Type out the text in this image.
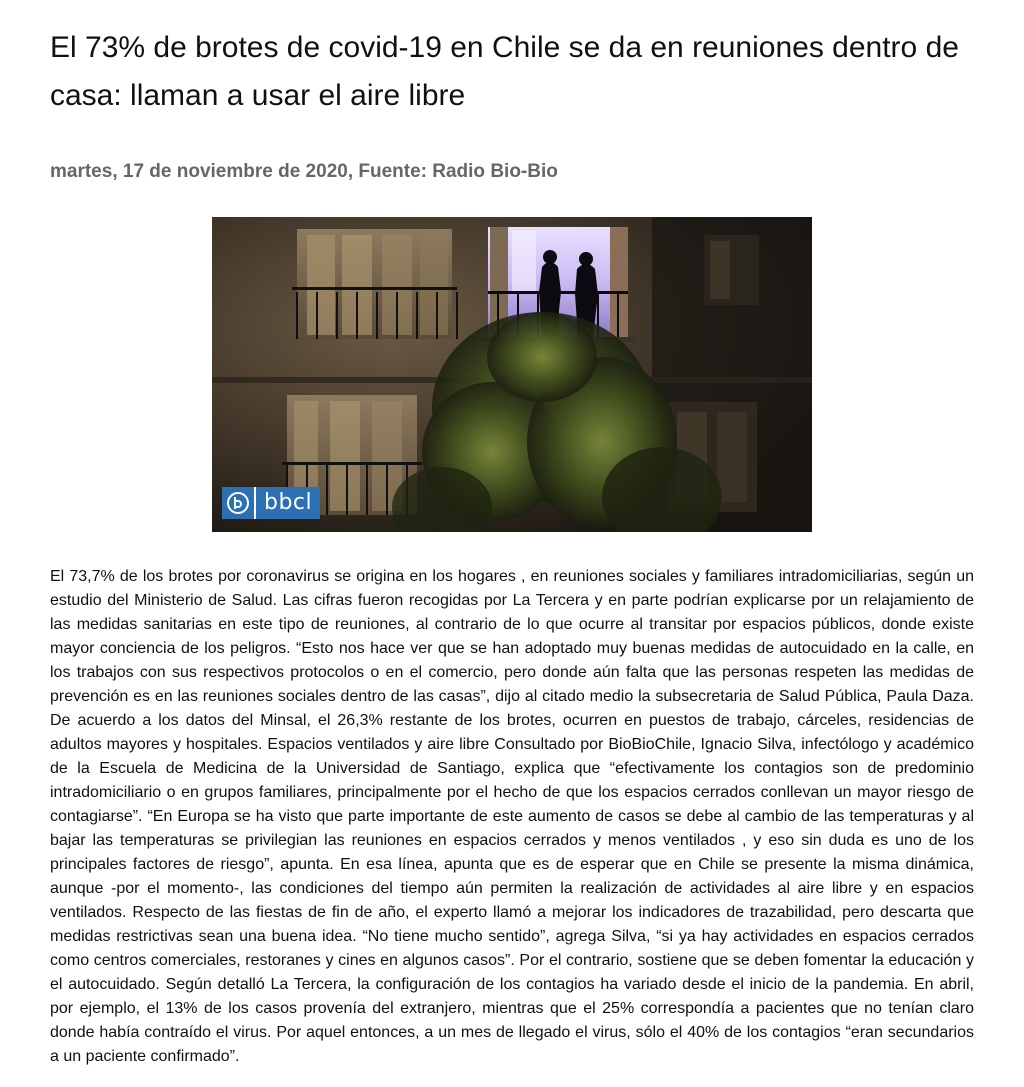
El 73% de brotes de covid-19 en Chile se da en reuniones dentro de casa: llaman a usar el aire libre

martes, 17 de noviembre de 2020, Fuente: Radio Bio-Bio

bbcl

El 73,7% de los brotes por coronavirus se origina en los hogares , en reuniones sociales y familiares intradomiciliarias, según un estudio del Ministerio de Salud. Las cifras fueron recogidas por La Tercera y en parte podrían explicarse por un relajamiento de las medidas sanitarias en este tipo de reuniones, al contrario de lo que ocurre al transitar por espacios públicos, donde existe mayor conciencia de los peligros. “Esto nos hace ver que se han adoptado muy buenas medidas de autocuidado en la calle, en los trabajos con sus respectivos protocolos o en el comercio, pero donde aún falta que las personas respeten las medidas de prevención es en las reuniones sociales dentro de las casas”, dijo al citado medio la subsecretaria de Salud Pública, Paula Daza. De acuerdo a los datos del Minsal, el 26,3% restante de los brotes, ocurren en puestos de trabajo, cárceles, residencias de adultos mayores y hospitales. Espacios ventilados y aire libre Consultado por BioBioChile, Ignacio Silva, infectólogo y académico de la Escuela de Medicina de la Universidad de Santiago, explica que “efectivamente los contagios son de predominio intradomiciliario o en grupos familiares, principalmente por el hecho de que los espacios cerrados conllevan un mayor riesgo de contagiarse”. “En Europa se ha visto que parte importante de este aumento de casos se debe al cambio de las temperaturas y al bajar las temperaturas se privilegian las reuniones en espacios cerrados y menos ventilados , y eso sin duda es uno de los principales factores de riesgo”, apunta. En esa línea, apunta que es de esperar que en Chile se presente la misma dinámica, aunque -por el momento-, las condiciones del tiempo aún permiten la realización de actividades al aire libre y en espacios ventilados. Respecto de las fiestas de fin de año, el experto llamó a mejorar los indicadores de trazabilidad, pero descarta que medidas restrictivas sean una buena idea. “No tiene mucho sentido”, agrega Silva, “si ya hay actividades en espacios cerrados como centros comerciales, restoranes y cines en algunos casos”. Por el contrario, sostiene que se deben fomentar la educación y el autocuidado. Según detalló La Tercera, la configuración de los contagios ha variado desde el inicio de la pandemia. En abril, por ejemplo, el 13% de los casos provenía del extranjero, mientras que el 25% correspondía a pacientes que no tenían claro donde había contraído el virus. Por aquel entonces, a un mes de llegado el virus, sólo el 40% de los contagios “eran secundarios a un paciente confirmado”.
